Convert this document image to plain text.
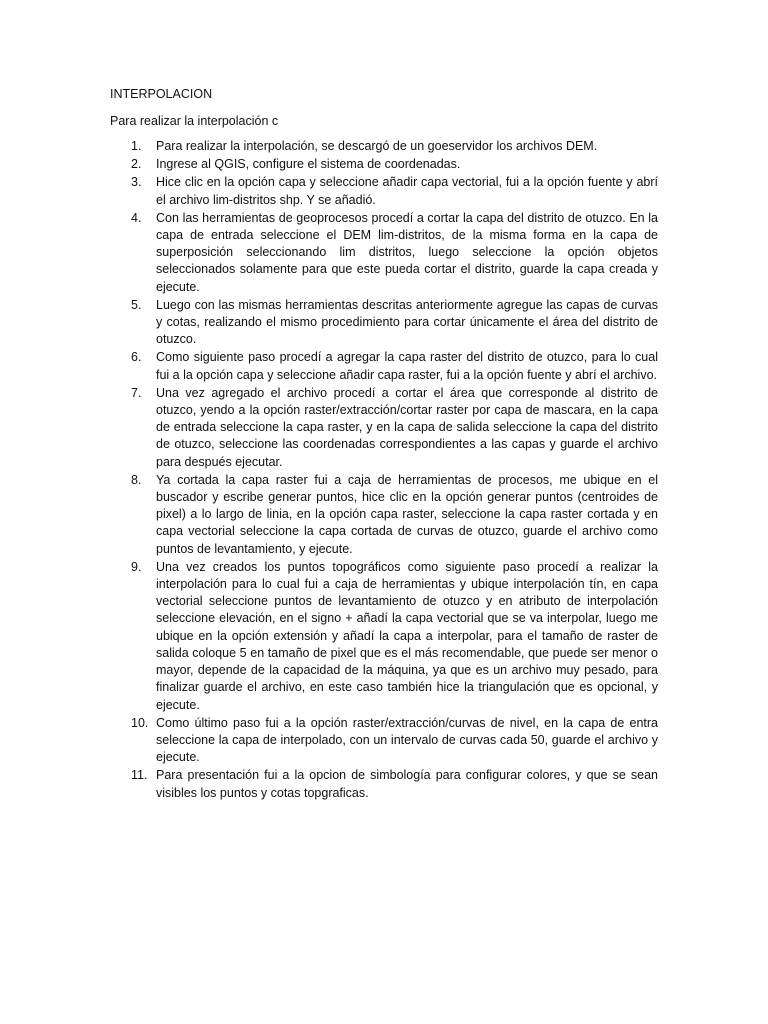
INTERPOLACION
Para realizar la interpolación c
1.	Para realizar la interpolación, se descargó de un goeservidor los archivos DEM.
2.	Ingrese al QGIS, configure el sistema de coordenadas.
3.	Hice clic en la opción capa y seleccione añadir capa vectorial, fui a la opción fuente y abrí el archivo lim-distritos shp. Y se añadió.
4.	Con las herramientas de geoprocesos procedí a cortar la capa del distrito de otuzco. En la capa de entrada seleccione el DEM lim-distritos, de la misma forma en la capa de superposición seleccionando lim distritos, luego seleccione la opción objetos seleccionados solamente para que este pueda cortar el distrito, guarde la capa creada y ejecute.
5.	Luego con las mismas herramientas descritas anteriormente agregue las capas de curvas y cotas, realizando el mismo procedimiento para cortar únicamente el área del distrito de otuzco.
6.	Como siguiente paso procedí a agregar la capa raster del distrito de otuzco, para lo cual fui a la opción capa y seleccione añadir capa raster, fui a la opción fuente y abrí el archivo.
7.	Una vez agregado el archivo procedí a cortar el área que corresponde al distrito de otuzco, yendo a la opción raster/extracción/cortar raster por capa de mascara, en la capa de entrada seleccione la capa raster, y en la capa de salida seleccione la capa del distrito de otuzco, seleccione las coordenadas correspondientes a las capas y guarde el archivo para después ejecutar.
8.	Ya cortada la capa raster fui a caja de herramientas de procesos, me ubique en el buscador y escribe generar puntos, hice clic en la opción generar puntos (centroides de pixel) a lo largo de linia, en la opción capa raster, seleccione la capa raster cortada y en capa vectorial seleccione la capa cortada de curvas de otuzco, guarde el archivo como puntos de levantamiento, y ejecute.
9.	Una vez creados los puntos topográficos como siguiente paso procedí a realizar la interpolación para lo cual fui a caja de herramientas y ubique interpolación tín, en capa vectorial seleccione puntos de levantamiento de otuzco y en atributo de interpolación seleccione elevación, en el signo + añadí la capa vectorial que se va interpolar, luego me ubique en la opción extensión y añadí la capa a interpolar, para el tamaño de raster de salida coloque 5 en tamaño de pixel que es el más recomendable, que puede ser menor o mayor, depende de la capacidad de la máquina, ya que es un archivo muy pesado, para finalizar guarde el archivo, en este caso también hice la triangulación que es opcional, y ejecute.
10. Como último paso fui a la opción raster/extracción/curvas de nivel, en la capa de entra seleccione la capa de interpolado, con un intervalo de curvas cada 50, guarde el archivo y ejecute.
11. Para presentación fui a la opcion de simbología para configurar colores, y que se sean visibles los puntos y cotas topgraficas.
